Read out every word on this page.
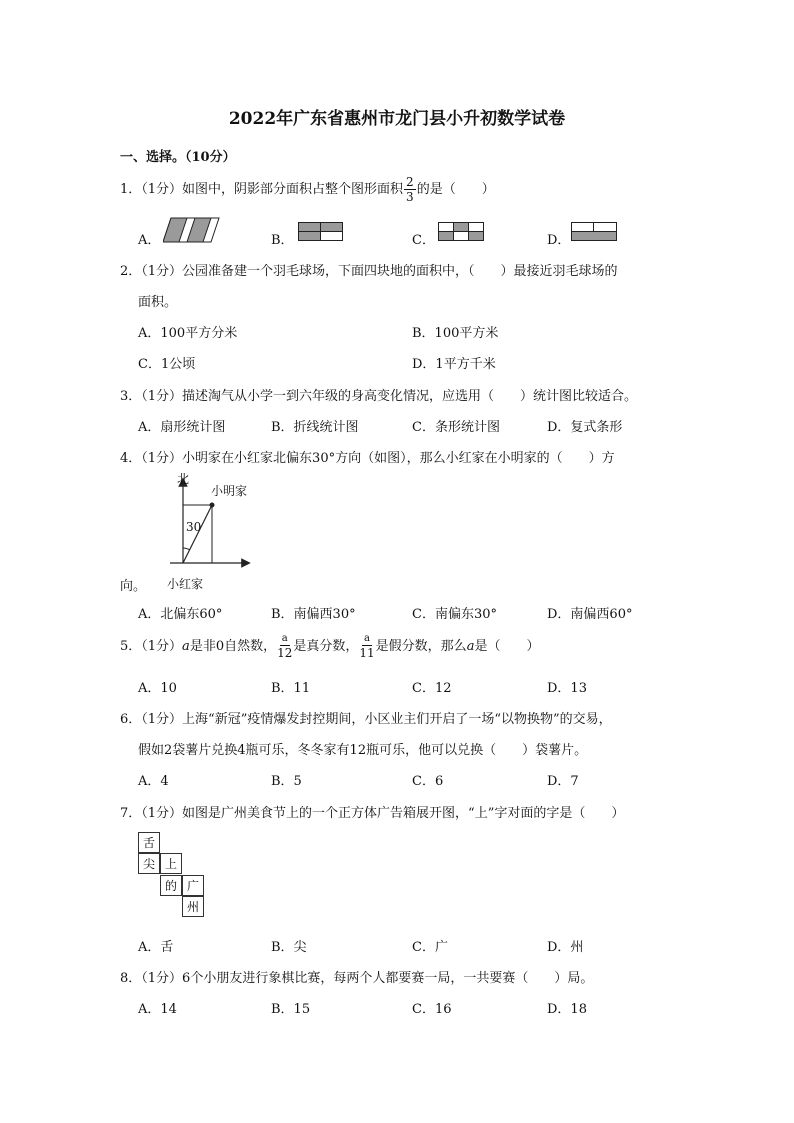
2022年广东省惠州市龙门县小升初数学试卷
一、选择。（10分）
1．（1分）如图中，阴影部分面积占整个图形面积 $\frac{2}{3}$ 的是（　　）
A．	B．	C．	D．
2．（1分）公园准备建一个羽毛球场，下面四块地的面积中，（　　）最接近羽毛球场的
面积。
A．100平方分米	B．100平方米
C．1公顷	D．1平方千米
3．（1分）描述淘气从小学一到六年级的身高变化情况，应选用（　　）统计图比较适合。
A．扇形统计图	B．折线统计图	C．条形统计图	D．复式条形
4．（1分）小明家在小红家北偏东30°方向（如图），那么小红家在小明家的（　　）方
北
小明家
30
向。 小红家
A．北偏东60°	B．南偏西30°	C．南偏东30°	D．南偏西60°
5．（1分）a是非0自然数， $\frac{a}{12}$ 是真分数， $\frac{a}{11}$ 是假分数，那么a是（　　）
A．10	B．11	C．12	D．13
6．（1分）上海“新冠”疫情爆发封控期间，小区业主们开启了一场“以物换物”的交易，
假如2袋薯片兑换4瓶可乐，冬冬家有12瓶可乐，他可以兑换（　　）袋薯片。
A．4	B．5	C．6	D．7
7．（1分）如图是广州美食节上的一个正方体广告箱展开图，“上”字对面的字是（　　）
舌
尖 上
的 广
州
A．舌	B．尖	C．广	D．州
8．（1分）6个小朋友进行象棋比赛，每两个人都要赛一局，一共要赛（　　）局。
A．14	B．15	C．16	D．18
